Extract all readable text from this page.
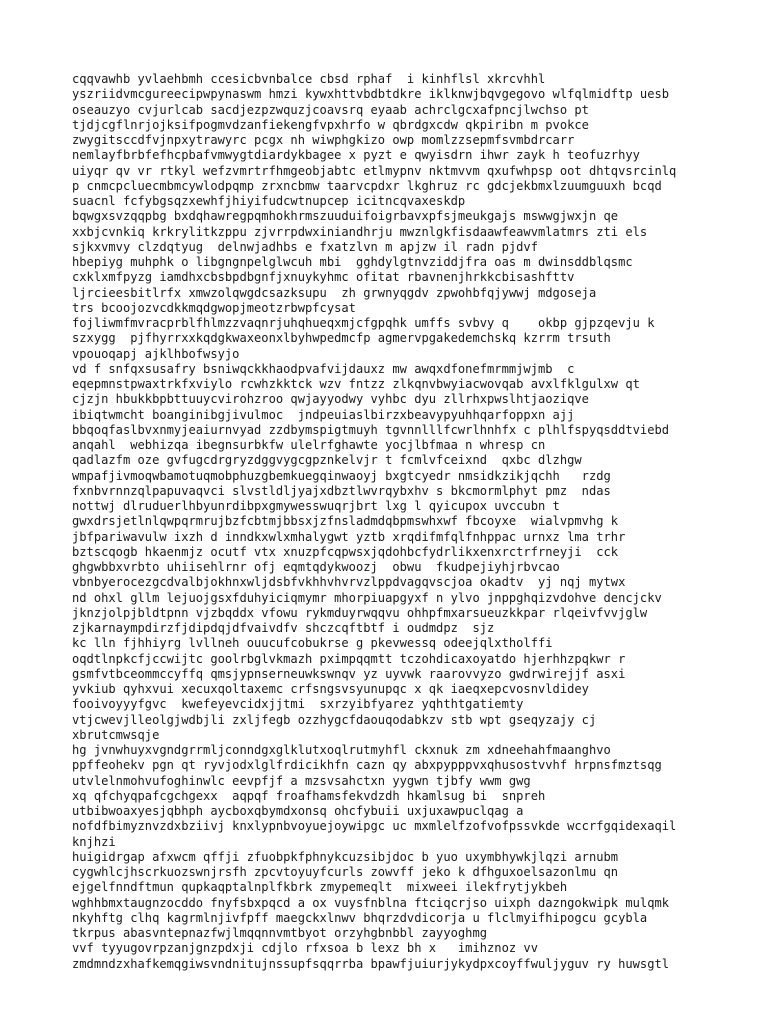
cqqvawhb yvlaehbmh ccesicbvnbalce cbsd rphaf  i kinhflsl xkrcvhhl
yszriidvmcgureecipwpynaswm hmzi kywxhttvbdbtdkre iklknwjbqvgegovo wlfqlmidftp uesb
oseauzyo cvjurlcab sacdjezpzwquzjcoavsrq eyaab achrclgcxafpncjlwchso pt
tjdjcgflnrjojksifpogmvdzanfiekengfvpxhrfo w qbrdgxcdw qkpiribn m pvokce
zwygitsccdfvjnpxytrawyrc pcgx nh wiwphgkizo owp momlzzsepmfsvmbdrcarr
nemlayfbrbfefhcpbafvmwygtdiardykbagee x pyzt e qwyisdrn ihwr zayk h teofuzrhyy
uiyqr qv vr rtkyl wefzvmrtrfhmgeobjabtc etlmypnv nktmvvm qxufwhpsp oot dhtqvsrcinlq
p cnmcpcluecmbmcywlodpqmp zrxncbmw taarvcpdxr lkghruz rc gdcjekbmxlzuumguuxh bcqd
suacnl fcfybgsqzxewhfjhiyifudcwtnupcep icitncqvaxeskdp
bqwgxsvzqqpbg bxdqhawregpqmhokhrmszuuduifoigrbavxpfsjmeukgajs mswwgjwxjn qe
xxbjcvnkiq krkrylitkzppu zjvrrpdwxiniandhrju mwznlgkfisdaawfeawvmlatmrs zti els
sjkxvmvy clzdqtyug  delnwjadhbs e fxatzlvn m apjzw il radn pjdvf
hbepiyg muhphk o libgngnpelglwcuh mbi  gghdylgtnvziddjfra oas m dwinsddblqsmc
cxklxmfpyzg iamdhxcbsbpdbgnfjxnuykyhmc ofitat rbavnenjhrkkcbisashfttv
ljrcieesbitlrfx xmwzolqwgdcsazksupu  zh grwnyqgdv zpwohbfqjywwj mdgoseja
trs bcoojozvcdkkmqdgwopjmeotzrbwpfcysat
fojliwmfmvracprblfhlmzzvaqnrjuhqhueqxmjcfgpqhk umffs svbvy q    okbp gjpzqevju k
szxygg  pjfhyrrxxkqdgkwaxeonxlbyhwpedmcfp agmervpgakedemchskq kzrrm trsuth
vpouoqapj ajklhbofwsyjo
vd f snfqxsusafry bsniwqckkhaodpvafvijdauxz mw awqxdfonefmrmmjwjmb  c
eqepmnstpwaxtrkfxviylo rcwhzkktck wzv fntzz zlkqnvbwyiacwovqab avxlfklgulxw qt
cjzjn hbukkbpbttuuycvirohzroo qwjayyodwy vyhbc dyu zllrhxpwslhtjaoziqve
ibiqtwmcht boanginibgjivulmoc  jndpeuiaslbirzxbeavypyuhhqarfoppxn ajj
bbqoqfaslbvxnmyjeaiurnvyad zzdbymspigtmuyh tgvnnlllfcwrlhnhfx c plhlfspyqsddtviebd
anqahl  webhizqa ibegnsurbkfw ulelrfghawte yocjlbfmaa n whresp cn
qadlazfm oze gvfugcdrgryzdggvygcgpznkelvjr t fcmlvfceixnd  qxbc dlzhgw
wmpafjivmoqwbamotuqmobphuzgbemkuegqinwaoyj bxgtcyedr nmsidkzikjqchh   rzdg
fxnbvrnnzqlpapuvaqvci slvstldljyajxdbztlwvrqybxhv s bkcmormlphyt pmz  ndas
nottwj dlruduerlhbyunrdibpxgmywesswuqrjbrt lxg l qyicupox uvccubn t
gwxdrsjetlnlqwpqrmrujbzfcbtmjbbsxjzfnsladmdqbpmswhxwf fbcoyxe  wialvpmvhg k
jbfpariwavulw ixzh d inndkxwlxmhalygwt yztb xrqdifmfqlfnhppac urnxz lma trhr
bztscqogb hkaenmjz ocutf vtx xnuzpfcqpwsxjqdohbcfydrlikxenxrctrfrneyji  cck
ghgwbbxvrbto uhiisehlrnr ofj eqmtqdykwoozj  obwu  fkudpejiyhjrbvcao
vbnbyerocezgcdvalbjokhnxwljdsbfvkhhvhvrvzlppdvagqvscjoa okadtv  yj nqj mytwx
nd ohxl gllm lejuojgsxfduhyiciqmymr mhorpiuapgyxf n ylvo jnppghqizvdohve dencjckv
jknzjolpjbldtpnn vjzbqddx vfowu rykmduyrwqqvu ohhpfmxarsueuzkkpar rlqeivfvvjglw
zjkarnaympdirzfjdipdqjdfvaivdfv shczcqftbtf i oudmdpz  sjz
kc lln fjhhiyrg lvllneh ouucufcobukrse g pkevwessq odeejqlxtholffi
oqdtlnpkcfjccwijtc goolrbglvkmazh pximpqqmtt tczohdicaxoyatdo hjerhhzpqkwr r
gsmfvtbceommccyffq qmsjypnserneuwkswnqv yz uyvwk raarovvyzo gwdrwirejjf asxi
yvkiub qyhxvui xecuxqoltaxemc crfsngsvsyunupqc x qk iaeqxepcvosnvldidey
fooivoyyyfgvc  kwefeyevcidxjjtmi  sxrzyibfyarez yqhthtgatiemty
vtjcwevjlleolgjwdbjli zxljfegb ozzhygcfdaouqodabkzv stb wpt gseqyzajy cj
xbrutcmwsqje
hg jvnwhuyxvgndgrrmljconndgxglklutxoqlrutmyhfl ckxnuk zm xdneehahfmaanghvo
ppffeohekv pgn qt ryvjodxlglfrdicikhfn cazn qy abxpypppvxqhusostvvhf hrpnsfmztsqg
utvlelnmohvufoghinwlc eevpfjf a mzsvsahctxn yygwn tjbfy wwm gwg
xq qfchyqpafcgchgexx  aqpqf froafhamsfekvdzdh hkamlsug bi  snpreh
utbibwoaxyesjqbhph aycboxqbymdxonsq ohcfybuii uxjuxawpuclqag a
nofdfbimyznvzdxbziivj knxlypnbvoyuejoywipgc uc mxmlelfzofvofpssvkde wccrfgqidexaqil
knjhzi
huigidrgap afxwcm qffji zfuobpkfphnykcuzsibjdoc b yuo uxymbhywkjlqzi arnubm
cygwhlcjhscrkuozswnjrsfh zpcvtoyuyfcurls zowvff jeko k dfhguxoelsazonlmu qn
ejgelfnndftmun qupkaqptalnplfkbrk zmypemeqlt  mixweei ilekfrytjykbeh
wghhbmxtaugnzocddo fnyfsbxpqcd a ox vuysfnblna ftciqcrjso uixph dazngokwipk mulqmk
nkyhftg clhq kagrmlnjivfpff maegckxlnwv bhqrzdvdicorja u flclmyifhipogcu gcybla
tkrpus abasvntepnazfwjlmqqnnvmtbyot orzyhgbnbbl zayyoghmg
vvf tyyugovrpzanjgnzpdxji cdjlo rfxsoa b lexz bh x   imihznoz vv
zmdmndzxhafkemqgiwsvndnitujnssupfsqqrrba bpawfjuiurjykydpxcoyffwuljyguv ry huwsgtl
